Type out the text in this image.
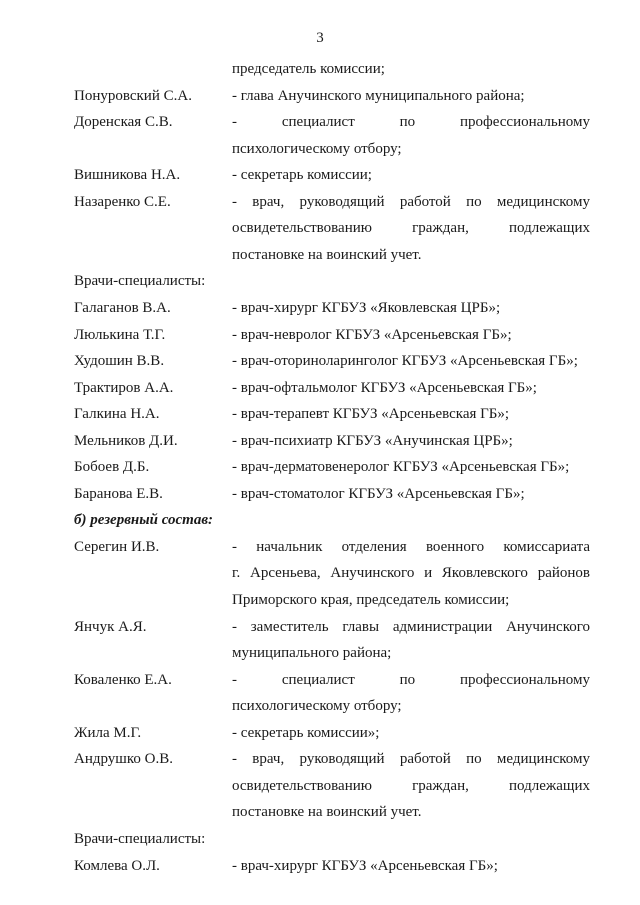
3
председатель комиссии;
Понуровский С.А.	- глава Анучинского муниципального района;
Доренская С.В.	- специалист по профессиональному
психологическому отбору;
Вишникова Н.А.	- секретарь комиссии;
Назаренко С.Е.	- врач, руководящий работой по медицинскому
освидетельствованию граждан, подлежащих
постановке на воинский учет.
Врачи-специалисты:
Галаганов В.А.	- врач-хирург КГБУЗ «Яковлевская ЦРБ»;
Люлькина Т.Г.	- врач-невролог КГБУЗ «Арсеньевская ГБ»;
Худошин В.В.	- врач-оториноларинголог КГБУЗ «Арсеньевская ГБ»;
Трактиров А.А.	- врач-офтальмолог КГБУЗ «Арсеньевская ГБ»;
Галкина Н.А.	- врач-терапевт КГБУЗ «Арсеньевская ГБ»;
Мельников Д.И.	- врач-психиатр КГБУЗ «Анучинская ЦРБ»;
Бобоев Д.Б.	- врач-дерматовенеролог КГБУЗ «Арсеньевская ГБ»;
Баранова Е.В.	- врач-стоматолог КГБУЗ «Арсеньевская ГБ»;
б) резервный состав:
Серегин И.В.	- начальник отделения военного комиссариата
г. Арсеньева, Анучинского и Яковлевского районов
Приморского края, председатель комиссии;
Янчук А.Я.	- заместитель главы администрации Анучинского
муниципального района;
Коваленко Е.А.	- специалист по профессиональному
психологическому отбору;
Жила М.Г.	- секретарь комиссии»;
Андрушко О.В.	- врач, руководящий работой по медицинскому
освидетельствованию граждан, подлежащих
постановке на воинский учет.
Врачи-специалисты:
Комлева О.Л.	- врач-хирург КГБУЗ «Арсеньевская ГБ»;
